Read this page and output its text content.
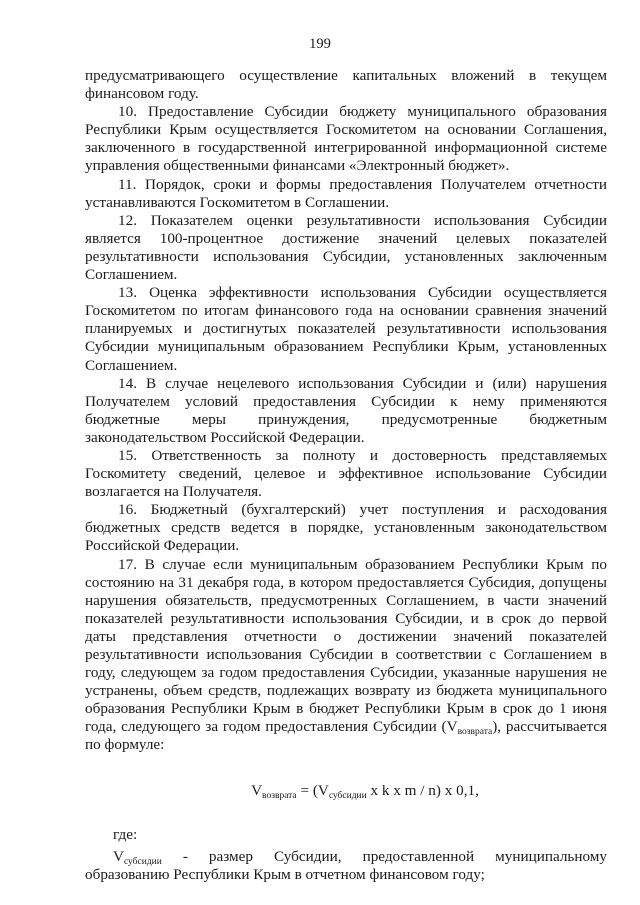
199

предусматривающего осуществление капитальных вложений в текущем финансовом году.

10. Предоставление Субсидии бюджету муниципального образования Республики Крым осуществляется Госкомитетом на основании Соглашения, заключенного в государственной интегрированной информационной системе управления общественными финансами «Электронный бюджет».

11. Порядок, сроки и формы предоставления Получателем отчетности устанавливаются Госкомитетом в Соглашении.

12. Показателем оценки результативности использования Субсидии является 100-процентное достижение значений целевых показателей результативности использования Субсидии, установленных заключенным Соглашением.

13. Оценка эффективности использования Субсидии осуществляется Госкомитетом по итогам финансового года на основании сравнения значений планируемых и достигнутых показателей результативности использования Субсидии муниципальным образованием Республики Крым, установленных Соглашением.

14. В случае нецелевого использования Субсидии и (или) нарушения Получателем условий предоставления Субсидии к нему применяются бюджетные меры принуждения, предусмотренные бюджетным законодательством Российской Федерации.

15. Ответственность за полноту и достоверность представляемых Госкомитету сведений, целевое и эффективное использование Субсидии возлагается на Получателя.

16. Бюджетный (бухгалтерский) учет поступления и расходования бюджетных средств ведется в порядке, установленным законодательством Российской Федерации.

17. В случае если муниципальным образованием Республики Крым по состоянию на 31 декабря года, в котором предоставляется Субсидия, допущены нарушения обязательств, предусмотренных Соглашением, в части значений показателей результативности использования Субсидии, и в срок до первой даты представления отчетности о достижении значений показателей результативности использования Субсидии в соответствии с Соглашением в году, следующем за годом предоставления Субсидии, указанные нарушения не устранены, объем средств, подлежащих возврату из бюджета муниципального образования Республики Крым в бюджет Республики Крым в срок до 1 июня года, следующего за годом предоставления Субсидии $(V_{возврата})$, рассчитывается по формуле:

$V_{возврата} = (V_{субсидии}$ x k x m / n) x 0,1,

где:

$V_{субсидии}$ - размер Субсидии, предоставленной муниципальному образованию Республики Крым в отчетном финансовом году;
